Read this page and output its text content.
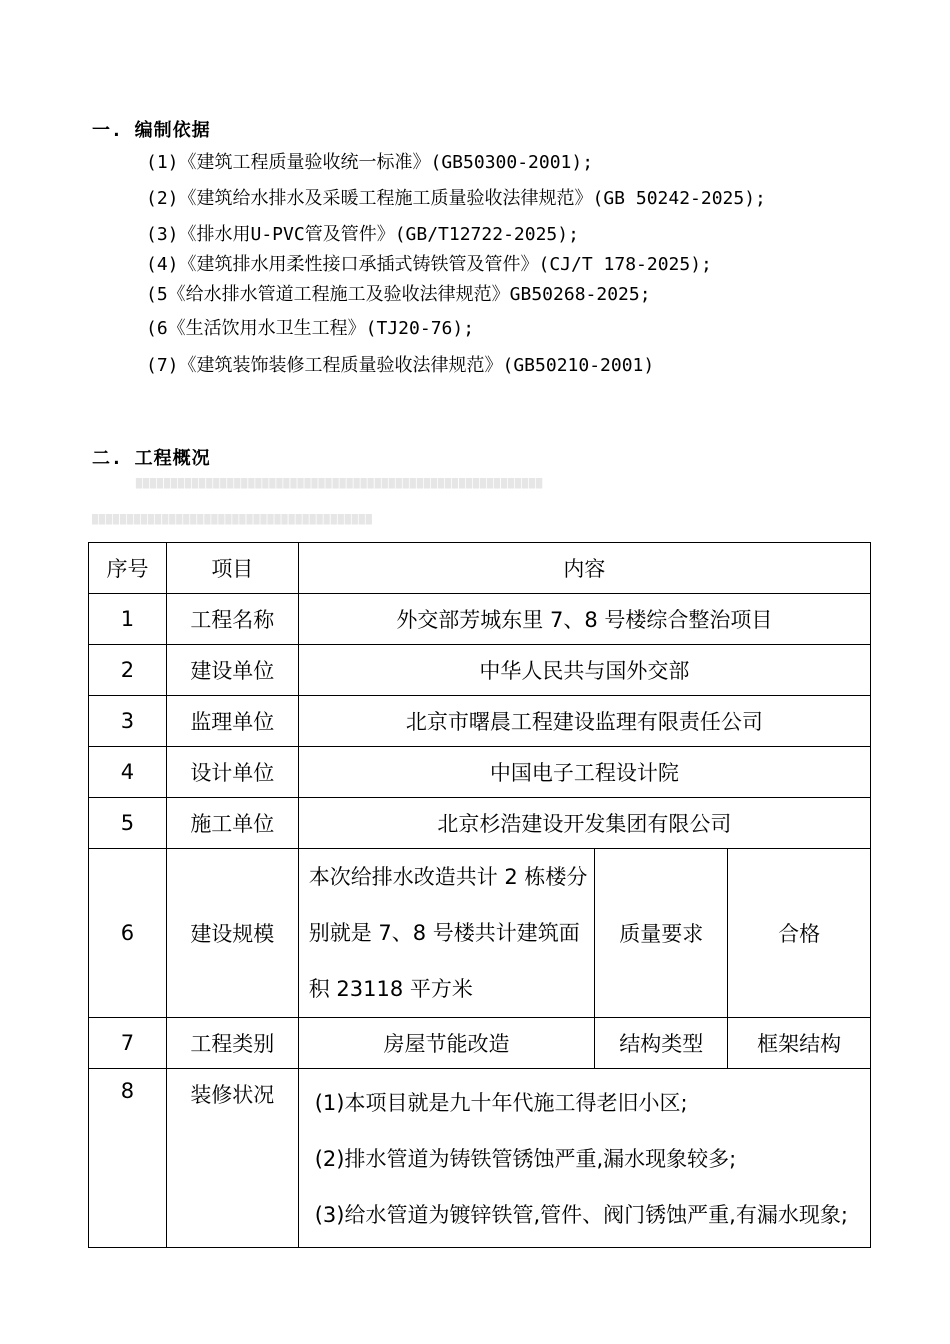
一. 编制依据
(1)《建筑工程质量验收统一标准》(GB50300-2001);
(2)《建筑给水排水及采暖工程施工质量验收法律规范》(GB 50242-2025);
(3)《排水用U-PVC管及管件》(GB/T12722-2025);
(4)《建筑排水用柔性接口承插式铸铁管及管件》(CJ/T 178-2025);
(5《给水排水管道工程施工及验收法律规范》GB50268-2025;
(6《生活饮用水卫生工程》(TJ20-76);
(7)《建筑装饰装修工程质量验收法律规范》(GB50210-2001)
二. 工程概况
██████████████████████████████████████████████████████████
████████████████████████████████████████
序号	项目	内容		
1	工程名称	外交部芳城东里 7、8 号楼综合整治项目		
2	建设单位	中华人民共与国外交部		
3	监理单位	北京市曙晨工程建设监理有限责任公司		
4	设计单位	中国电子工程设计院		
5	施工单位	北京杉浩建设开发集团有限公司		
6	建设规模	本次给排水改造共计 2 栋楼分别就是 7、8 号楼共计建筑面积 23118 平方米	质量要求	合格
7	工程类别	房屋节能改造	结构类型	框架结构
8	装修状况	(1)本项目就是九十年代施工得老旧小区;
(2)排水管道为铸铁管锈蚀严重,漏水现象较多;
(3)给水管道为镀锌铁管,管件、阀门锈蚀严重,有漏水现象;		
